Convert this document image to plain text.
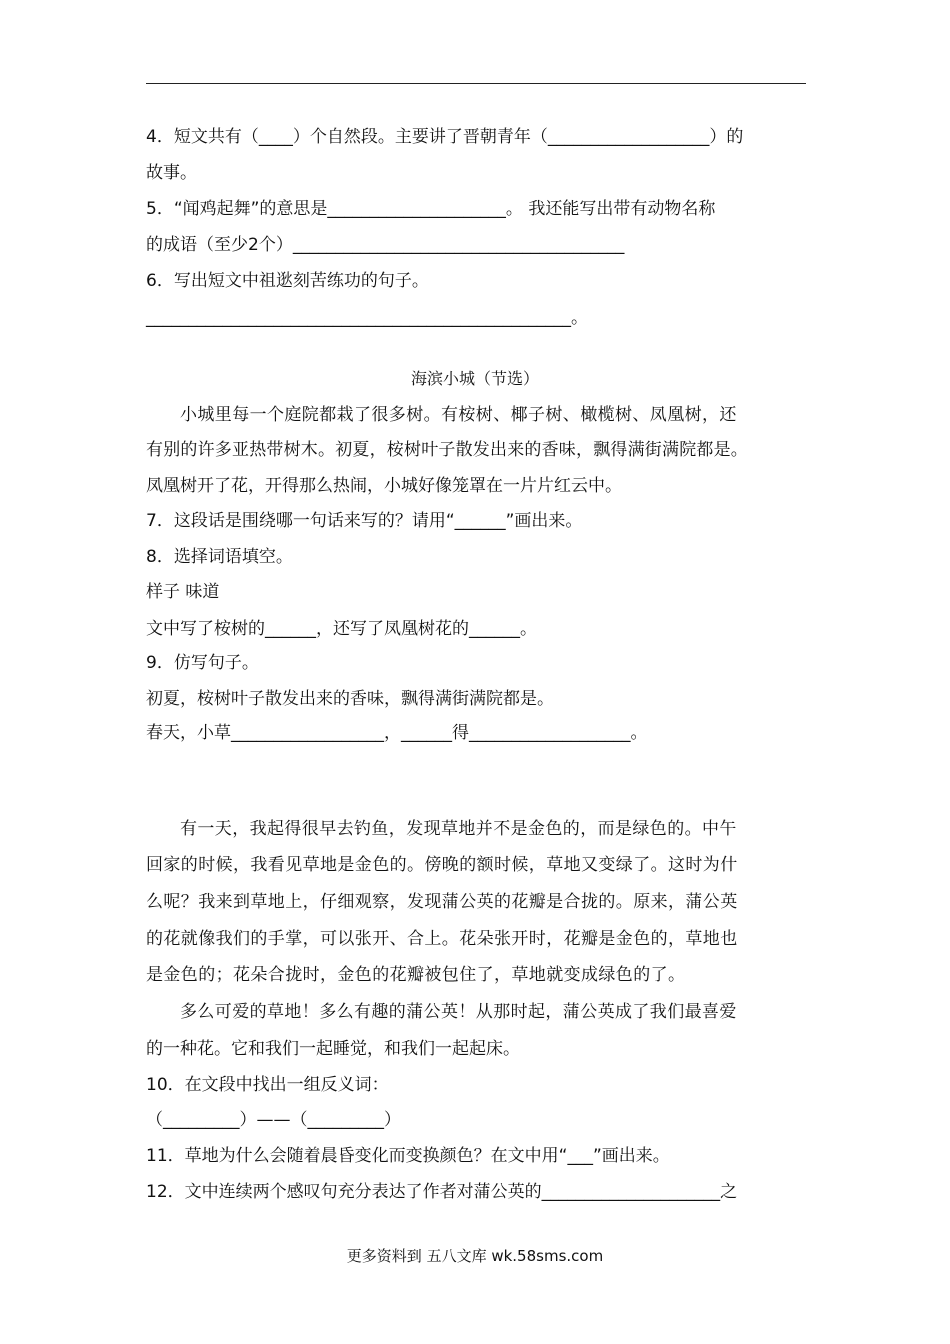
4．短文共有（____）个自然段。主要讲了晋朝青年（___________________）的
故事。
5．“闻鸡起舞”的意思是_____________________。 我还能写出带有动物名称
的成语（至少2个）_______________________________________
6．写出短文中祖逖刻苦练功的句子。
__________________________________________________。
海滨小城（节选）
小城里每一个庭院都栽了很多树。有桉树、椰子树、橄榄树、凤凰树，还
有别的许多亚热带树木。初夏，桉树叶子散发出来的香味，飘得满街满院都是。
凤凰树开了花，开得那么热闹，小城好像笼罩在一片片红云中。
7．这段话是围绕哪一句话来写的？请用“______”画出来。
8．选择词语填空。
样子 味道
文中写了桉树的______，还写了凤凰树花的______。
9．仿写句子。
初夏，桉树叶子散发出来的香味，飘得满街满院都是。
春天，小草__________________，______得___________________。
有一天，我起得很早去钓鱼，发现草地并不是金色的，而是绿色的。中午
回家的时候，我看见草地是金色的。傍晚的额时候，草地又变绿了。这时为什
么呢？我来到草地上，仔细观察，发现蒲公英的花瓣是合拢的。原来，蒲公英
的花就像我们的手掌，可以张开、合上。花朵张开时，花瓣是金色的，草地也
是金色的；花朵合拢时，金色的花瓣被包住了，草地就变成绿色的了。
多么可爱的草地！多么有趣的蒲公英！从那时起，蒲公英成了我们最喜爱
的一种花。它和我们一起睡觉，和我们一起起床。
10．在文段中找出一组反义词：
（_________）——（_________）
11．草地为什么会随着晨昏变化而变换颜色？在文中用“___”画出来。
12．文中连续两个感叹句充分表达了作者对蒲公英的_____________________之
更多资料到 五八文库 wk.58sms.com
